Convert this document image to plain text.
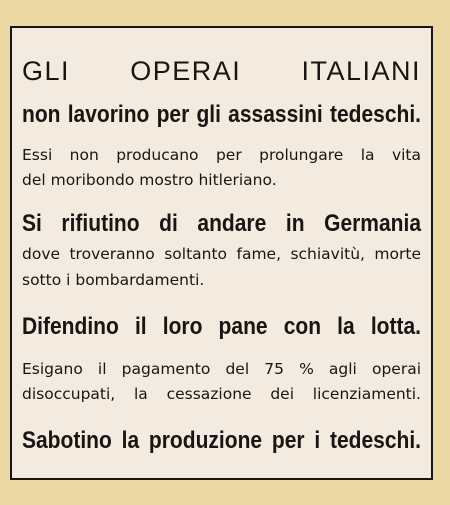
GLI OPERAI ITALIANI
non lavorino per gli assassini tedeschi.
Essi non producano per prolungare la vita
del moribondo mostro hitleriano.
Si rifiutino di andare in Germania
dove troveranno soltanto fame, schiavitù, morte
sotto i bombardamenti.
Difendino il loro pane con la lotta.
Esigano il pagamento del 75 % agli operai
disoccupati, la cessazione dei licenziamenti.
Sabotino la produzione per i tedeschi.
